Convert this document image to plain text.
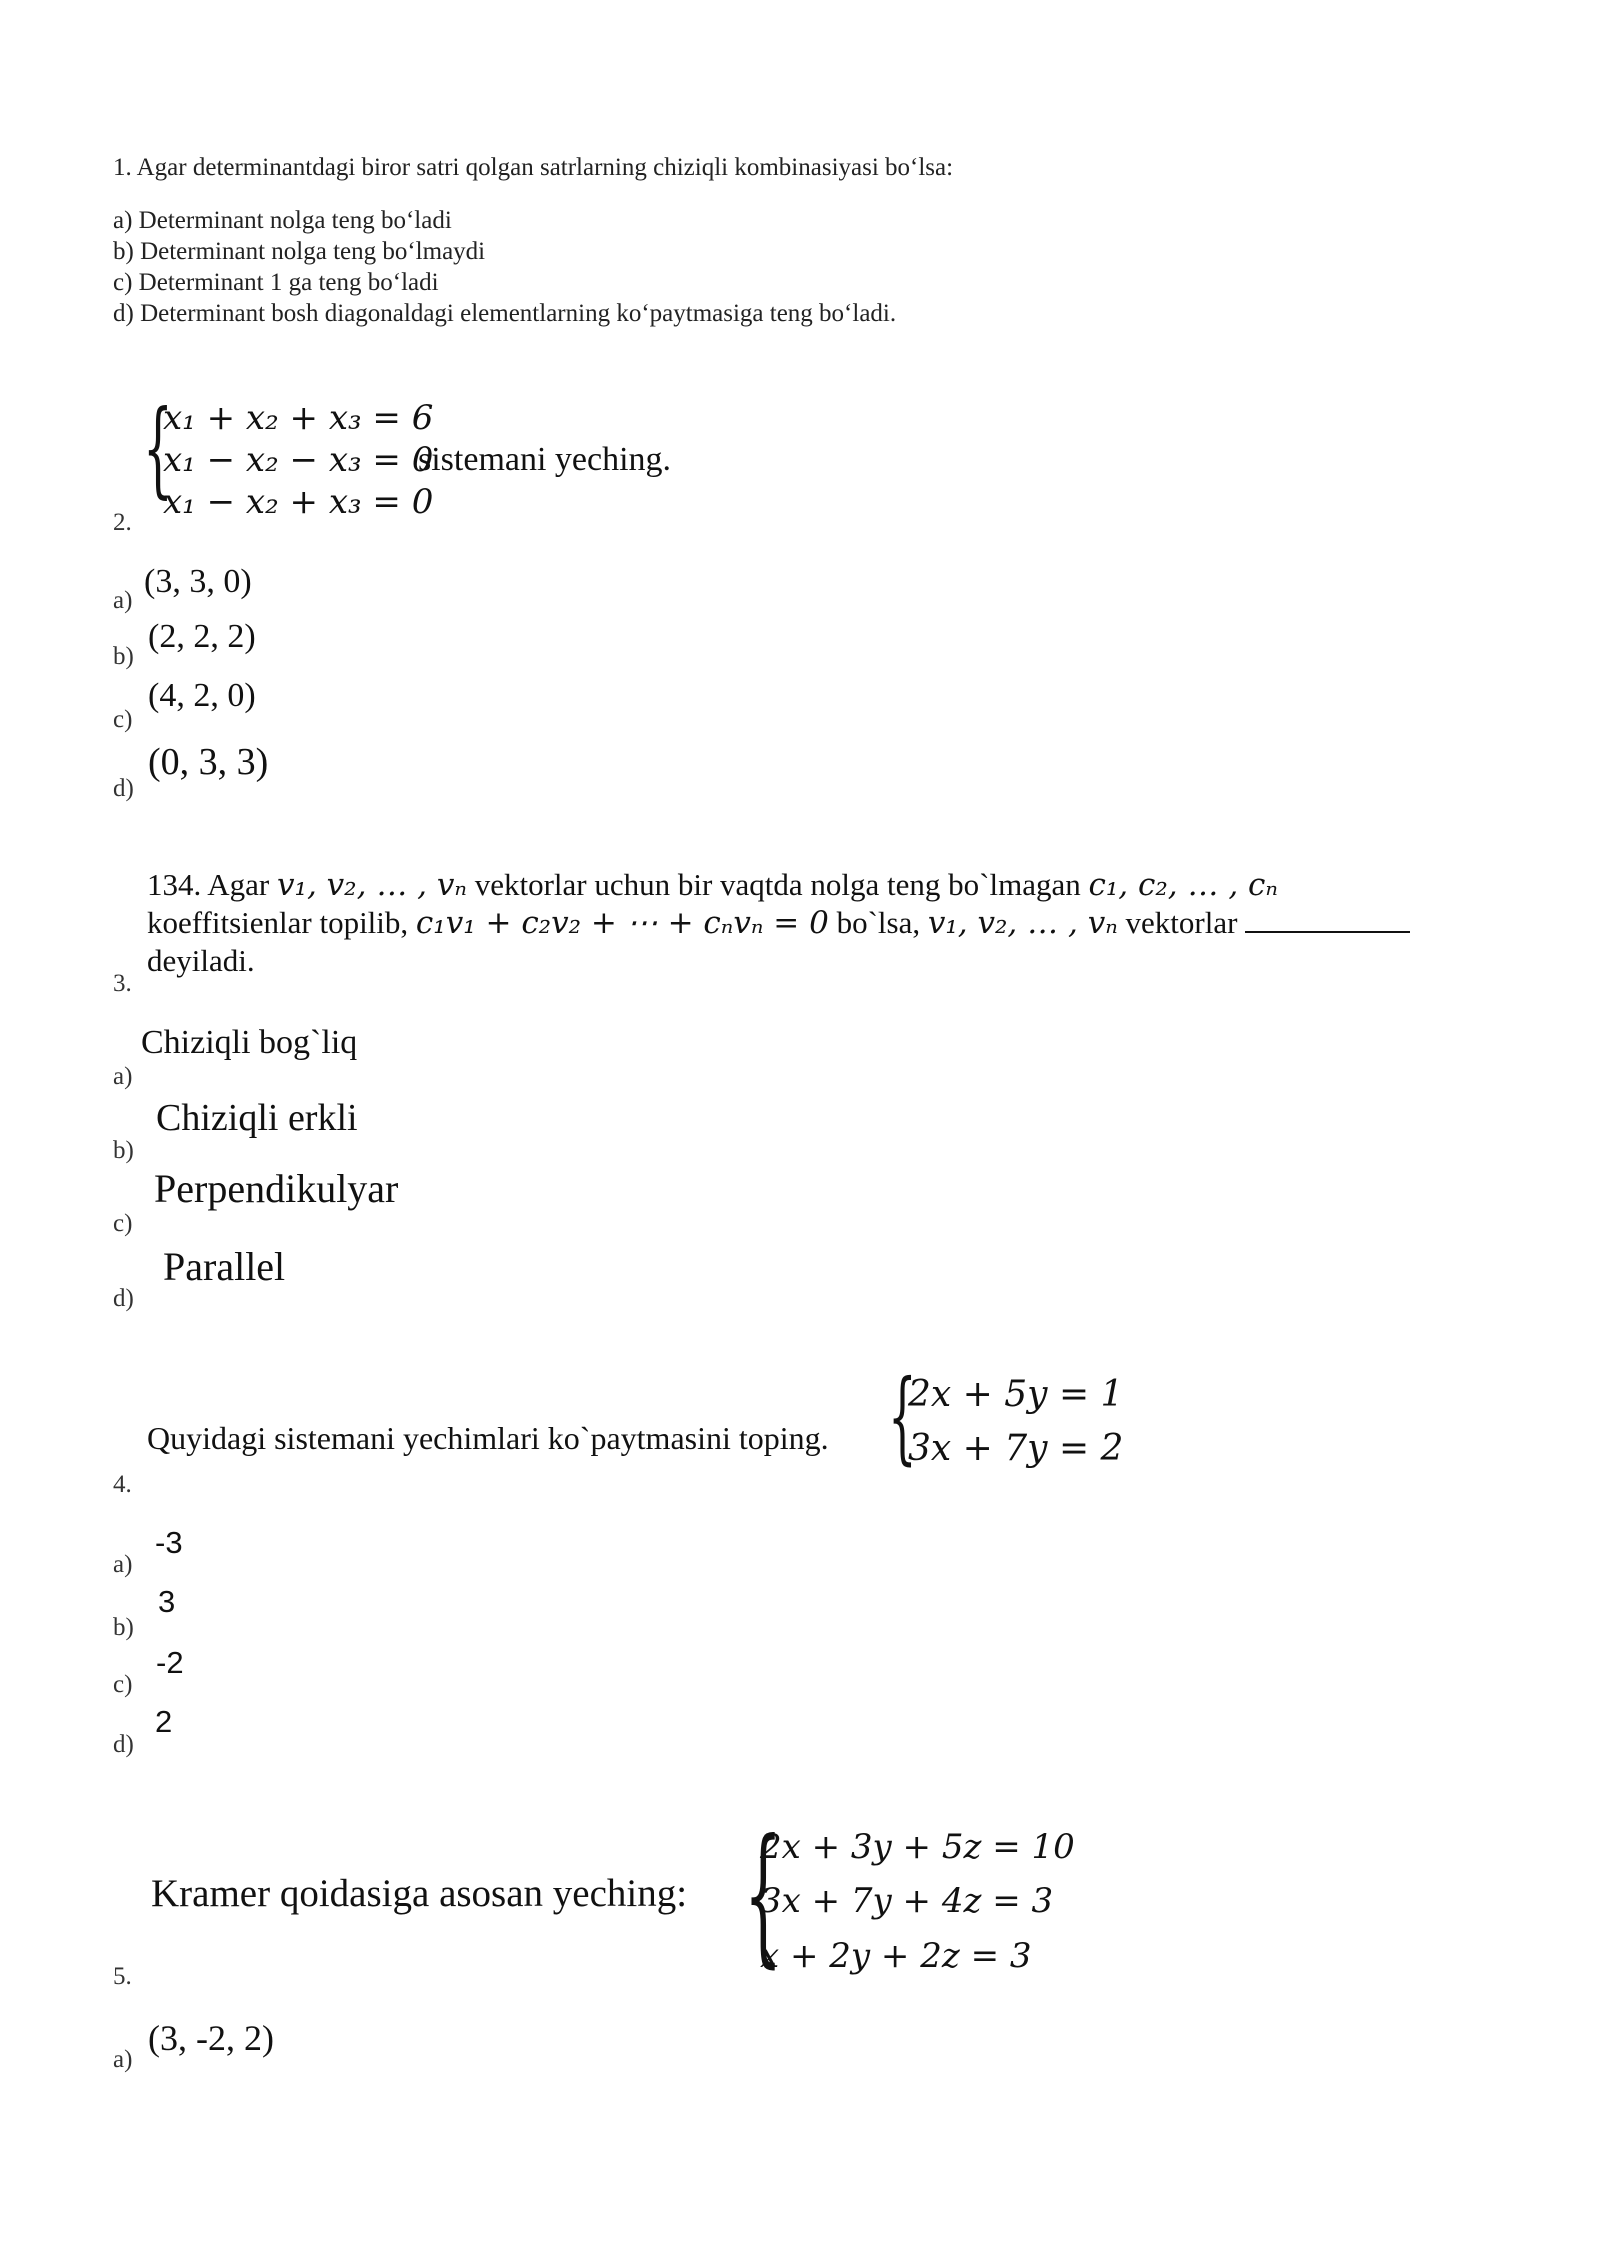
1. Agar determinantdagi biror satri qolgan satrlarning chiziqli kombinasiyasi bo‘lsa:
a) Determinant nolga teng bo‘ladi
b) Determinant nolga teng bo‘lmaydi
c) Determinant 1 ga teng bo‘ladi
d) Determinant bosh diagonaldagi elementlarning ko‘paytmasiga teng bo‘ladi.
{
x₁ + x₂ + x₃ = 6
x₁ − x₂ − x₃ = 0
sistemani yeching.
x₁ − x₂ + x₃ = 0
2.
a)
(3, 3, 0)
b)
(2, 2, 2)
c)
(4, 2, 0)
d)
(0, 3, 3)
134. Agar v₁, v₂, … , vₙ vektorlar uchun bir vaqtda nolga teng bo`lmagan c₁, c₂, … , cₙ
koeffitsienlar topilib, c₁v₁ + c₂v₂ + ⋯ + cₙvₙ = 0 bo`lsa, v₁, v₂, … , vₙ vektorlar
deyiladi.
3.
a)
Chiziqli bog`liq
b)
Chiziqli erkli
c)
Perpendikulyar
d)
Parallel
Quyidagi sistemani yechimlari ko`paytmasini toping. {
2x + 5y = 1
3x + 7y = 2
4.
a)
-3
b)
3
c)
-2
d)
2
Kramer qoidasiga asosan yeching: {
2x + 3y + 5z = 10
3x + 7y + 4z = 3
x + 2y + 2z = 3
5.
a)
(3, -2, 2)
